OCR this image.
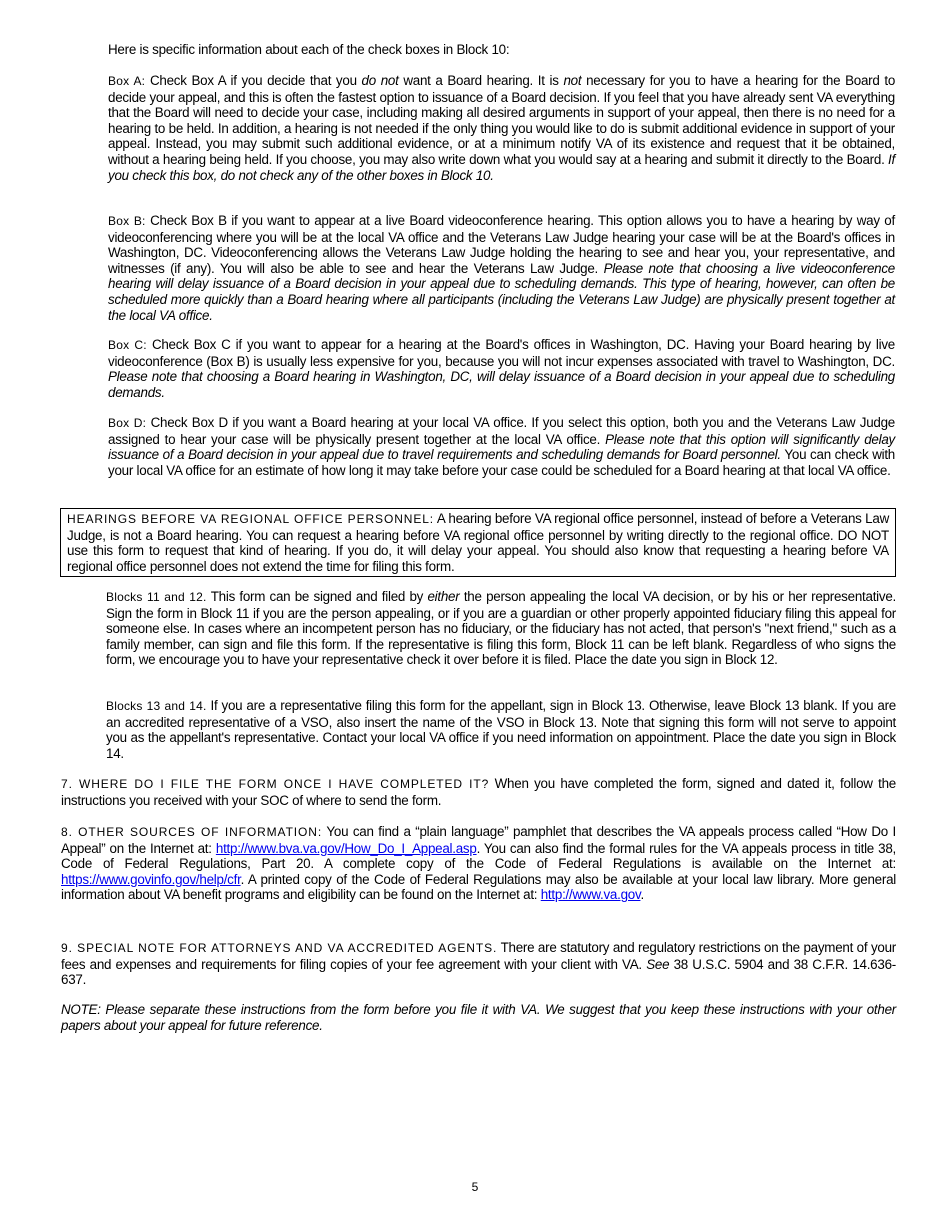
Here is specific information about each of the check boxes in Block 10:

Box A: Check Box A if you decide that you do not want a Board hearing. It is not necessary for you to have a hearing for the Board to decide your appeal, and this is often the fastest option to issuance of a Board decision. If you feel that you have already sent VA everything that the Board will need to decide your case, including making all desired arguments in support of your appeal, then there is no need for a hearing to be held. In addition, a hearing is not needed if the only thing you would like to do is submit additional evidence in support of your appeal. Instead, you may submit such additional evidence, or at a minimum notify VA of its existence and request that it be obtained, without a hearing being held. If you choose, you may also write down what you would say at a hearing and submit it directly to the Board. If you check this box, do not check any of the other boxes in Block 10.

Box B: Check Box B if you want to appear at a live Board videoconference hearing. This option allows you to have a hearing by way of videoconferencing where you will be at the local VA office and the Veterans Law Judge hearing your case will be at the Board's offices in Washington, DC. Videoconferencing allows the Veterans Law Judge holding the hearing to see and hear you, your representative, and witnesses (if any). You will also be able to see and hear the Veterans Law Judge. Please note that choosing a live videoconference hearing will delay issuance of a Board decision in your appeal due to scheduling demands. This type of hearing, however, can often be scheduled more quickly than a Board hearing where all participants (including the Veterans Law Judge) are physically present together at the local VA office.

Box C: Check Box C if you want to appear for a hearing at the Board's offices in Washington, DC. Having your Board hearing by live videoconference (Box B) is usually less expensive for you, because you will not incur expenses associated with travel to Washington, DC. Please note that choosing a Board hearing in Washington, DC, will delay issuance of a Board decision in your appeal due to scheduling demands.

Box D: Check Box D if you want a Board hearing at your local VA office. If you select this option, both you and the Veterans Law Judge assigned to hear your case will be physically present together at the local VA office. Please note that this option will significantly delay issuance of a Board decision in your appeal due to travel requirements and scheduling demands for Board personnel. You can check with your local VA office for an estimate of how long it may take before your case could be scheduled for a Board hearing at that local VA office.

HEARINGS BEFORE VA REGIONAL OFFICE PERSONNEL: A hearing before VA regional office personnel, instead of before a Veterans Law Judge, is not a Board hearing. You can request a hearing before VA regional office personnel by writing directly to the regional office. DO NOT use this form to request that kind of hearing. If you do, it will delay your appeal. You should also know that requesting a hearing before VA regional office personnel does not extend the time for filing this form.

Blocks 11 and 12. This form can be signed and filed by either the person appealing the local VA decision, or by his or her representative. Sign the form in Block 11 if you are the person appealing, or if you are a guardian or other properly appointed fiduciary filing this appeal for someone else. In cases where an incompetent person has no fiduciary, or the fiduciary has not acted, that person's "next friend," such as a family member, can sign and file this form. If the representative is filing this form, Block 11 can be left blank. Regardless of who signs the form, we encourage you to have your representative check it over before it is filed. Place the date you sign in Block 12.

Blocks 13 and 14. If you are a representative filing this form for the appellant, sign in Block 13. Otherwise, leave Block 13 blank. If you are an accredited representative of a VSO, also insert the name of the VSO in Block 13. Note that signing this form will not serve to appoint you as the appellant's representative. Contact your local VA office if you need information on appointment. Place the date you sign in Block 14.

7. WHERE DO I FILE THE FORM ONCE I HAVE COMPLETED IT? When you have completed the form, signed and dated it, follow the instructions you received with your SOC of where to send the form.

8. OTHER SOURCES OF INFORMATION: You can find a “plain language” pamphlet that describes the VA appeals process called “How Do I Appeal” on the Internet at: http://www.bva.va.gov/How_Do_I_Appeal.asp. You can also find the formal rules for the VA appeals process in title 38, Code of Federal Regulations, Part 20. A complete copy of the Code of Federal Regulations is available on the Internet at: https://www.govinfo.gov/help/cfr. A printed copy of the Code of Federal Regulations may also be available at your local law library. More general information about VA benefit programs and eligibility can be found on the Internet at: http://www.va.gov.

9. SPECIAL NOTE FOR ATTORNEYS AND VA ACCREDITED AGENTS. There are statutory and regulatory restrictions on the payment of your fees and expenses and requirements for filing copies of your fee agreement with your client with VA. See 38 U.S.C. 5904 and 38 C.F.R. 14.636-637.

NOTE: Please separate these instructions from the form before you file it with VA. We suggest that you keep these instructions with your other papers about your appeal for future reference.

5
